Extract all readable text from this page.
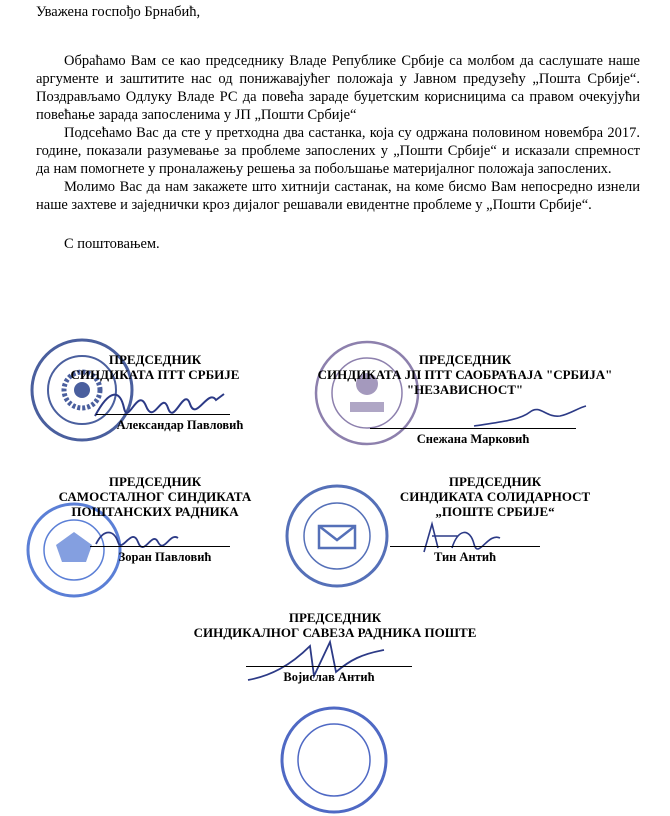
Уважена госпођо Брнабић,

Обраћамо Вам се као председнику Владе Републике Србије са молбом да саслушате наше аргументе и заштитите нас од понижавајућег положаја у Јавном предузећу „Пошта Србије“. Поздрављамо Одлуку Владе РС да повећа зараде буџетским корисницима са правом очекујући повећање зарада запосленима у ЈП „Пошти Србије“

Подсећамо Вас да сте у претходна два састанка, која су одржана половином новембра 2017. године, показали разумевање за проблеме запослених у „Пошти Србије“ и исказали спремност да нам помогнете у проналажењу решења за побољшање материјалног положаја запослених.

Молимо Вас да нам закажете што хитнији састанак, на коме бисмо Вам непосредно изнели наше захтеве и заједнички кроз дијалог решавали евидентне проблеме у „Пошти Србије“.

С поштовањем.
ПРЕДСЕДНИК
СИНДИКАТА ПТТ СРБИЈЕ
Александар Павловић
ПРЕДСЕДНИК
СИНДИКАТА ЈП ПТТ САОБРАЋАЈА "СРБИЈА"
"НЕЗАВИСНОСТ"
Снежана Марковић
ПРЕДСЕДНИК
САМОСТАЛНОГ СИНДИКАТА
ПОШТАНСКИХ РАДНИКА
Зоран Павловић
ПРЕДСЕДНИК
СИНДИКАТА СОЛИДАРНОСТ
„ПОШТЕ СРБИЈЕ“
Тин Антић
ПРЕДСЕДНИК
СИНДИКАЛНОГ САВЕЗА РАДНИКА ПОШТЕ
Војислав Антић
